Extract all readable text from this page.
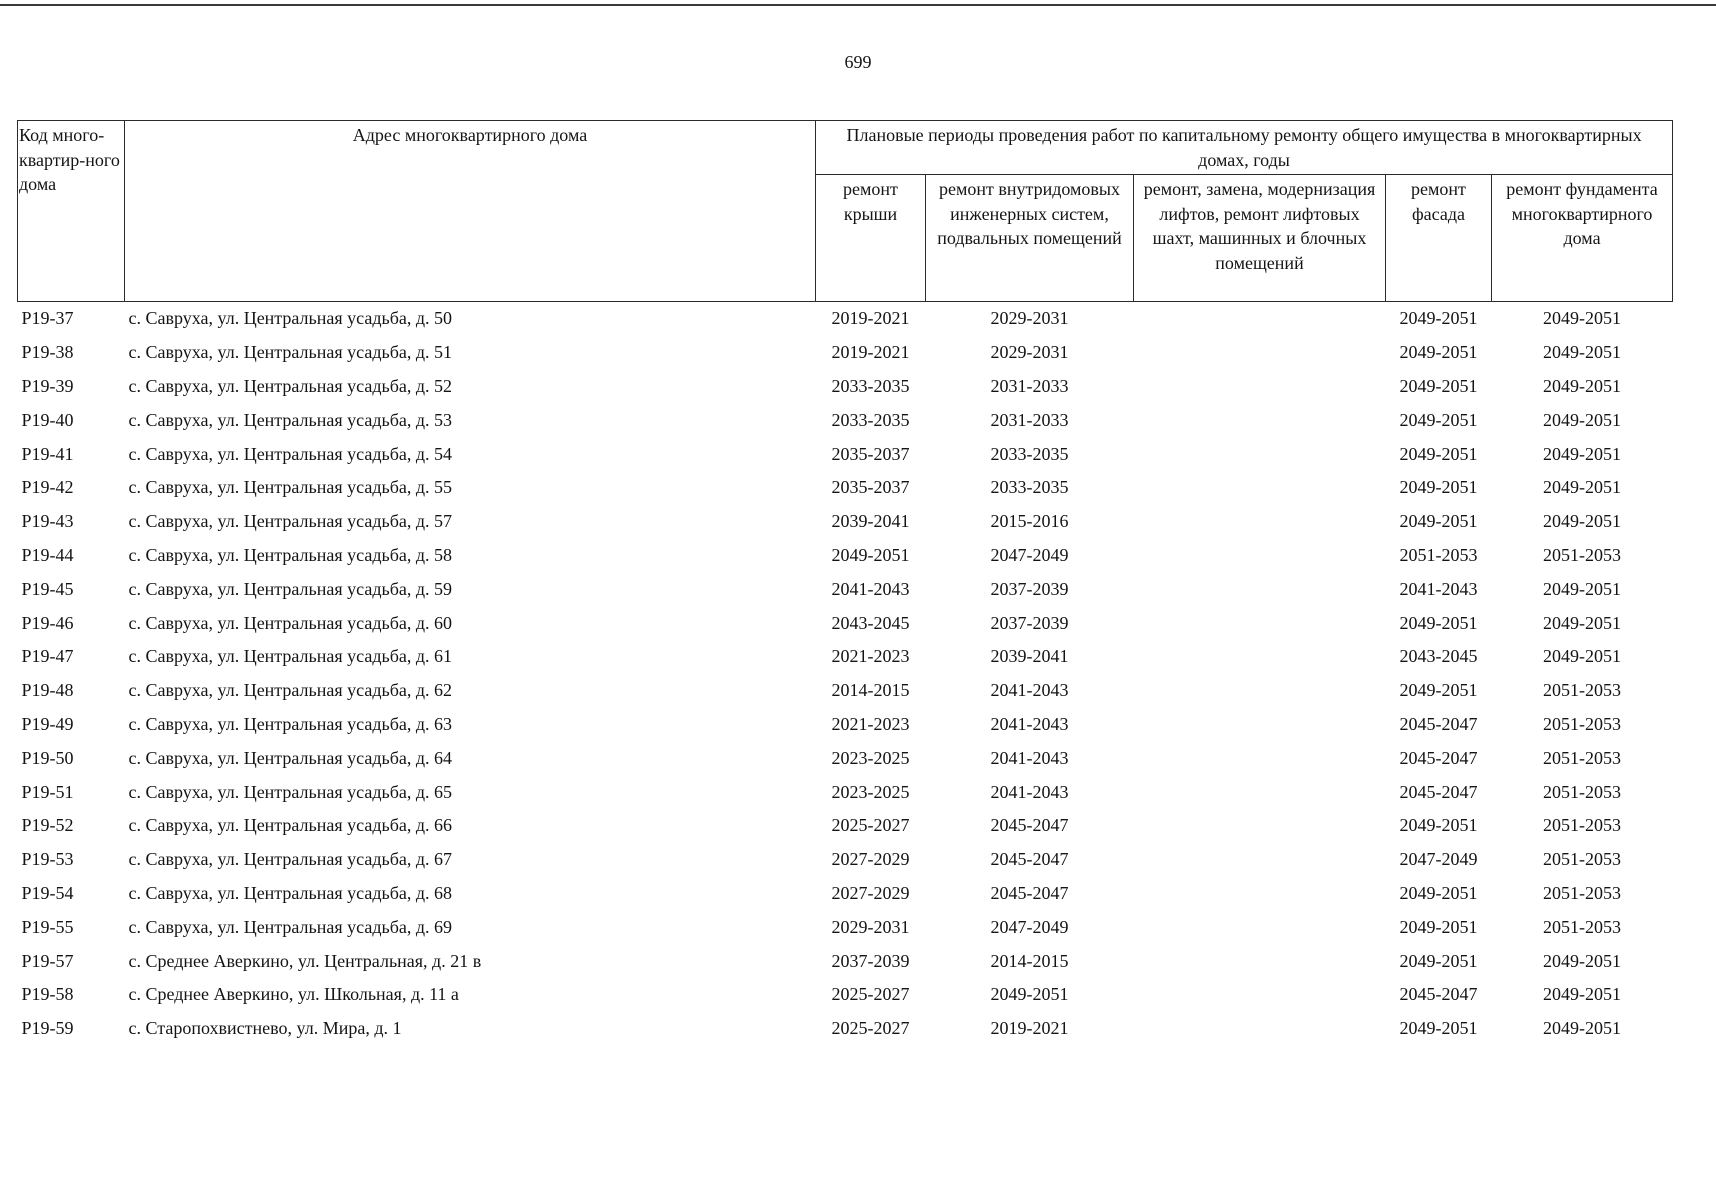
699
Код много-квартир-ного дома	Адрес многоквартирного дома	Плановые периоды проведения работ по капитальному ремонту общего имущества в многоквартирных домах, годы				
		ремонт крыши	ремонт внутридомовых инженерных систем, подвальных помещений	ремонт, замена, модернизация лифтов, ремонт лифтовых шахт, машинных и блочных помещений	ремонт фасада	ремонт фундамента многоквартирного дома
Р19-37	с. Савруха, ул. Центральная усадьба, д. 50	2019-2021	2029-2031		2049-2051	2049-2051
Р19-38	с. Савруха, ул. Центральная усадьба, д. 51	2019-2021	2029-2031		2049-2051	2049-2051
Р19-39	с. Савруха, ул. Центральная усадьба, д. 52	2033-2035	2031-2033		2049-2051	2049-2051
Р19-40	с. Савруха, ул. Центральная усадьба, д. 53	2033-2035	2031-2033		2049-2051	2049-2051
Р19-41	с. Савруха, ул. Центральная усадьба, д. 54	2035-2037	2033-2035		2049-2051	2049-2051
Р19-42	с. Савруха, ул. Центральная усадьба, д. 55	2035-2037	2033-2035		2049-2051	2049-2051
Р19-43	с. Савруха, ул. Центральная усадьба, д. 57	2039-2041	2015-2016		2049-2051	2049-2051
Р19-44	с. Савруха, ул. Центральная усадьба, д. 58	2049-2051	2047-2049		2051-2053	2051-2053
Р19-45	с. Савруха, ул. Центральная усадьба, д. 59	2041-2043	2037-2039		2041-2043	2049-2051
Р19-46	с. Савруха, ул. Центральная усадьба, д. 60	2043-2045	2037-2039		2049-2051	2049-2051
Р19-47	с. Савруха, ул. Центральная усадьба, д. 61	2021-2023	2039-2041		2043-2045	2049-2051
Р19-48	с. Савруха, ул. Центральная усадьба, д. 62	2014-2015	2041-2043		2049-2051	2051-2053
Р19-49	с. Савруха, ул. Центральная усадьба, д. 63	2021-2023	2041-2043		2045-2047	2051-2053
Р19-50	с. Савруха, ул. Центральная усадьба, д. 64	2023-2025	2041-2043		2045-2047	2051-2053
Р19-51	с. Савруха, ул. Центральная усадьба, д. 65	2023-2025	2041-2043		2045-2047	2051-2053
Р19-52	с. Савруха, ул. Центральная усадьба, д. 66	2025-2027	2045-2047		2049-2051	2051-2053
Р19-53	с. Савруха, ул. Центральная усадьба, д. 67	2027-2029	2045-2047		2047-2049	2051-2053
Р19-54	с. Савруха, ул. Центральная усадьба, д. 68	2027-2029	2045-2047		2049-2051	2051-2053
Р19-55	с. Савруха, ул. Центральная усадьба, д. 69	2029-2031	2047-2049		2049-2051	2051-2053
Р19-57	с. Среднее Аверкино, ул. Центральная, д. 21 в	2037-2039	2014-2015		2049-2051	2049-2051
Р19-58	с. Среднее Аверкино, ул. Школьная, д. 11 а	2025-2027	2049-2051		2045-2047	2049-2051
Р19-59	с. Старопохвистнево, ул. Мира, д. 1	2025-2027	2019-2021		2049-2051	2049-2051
